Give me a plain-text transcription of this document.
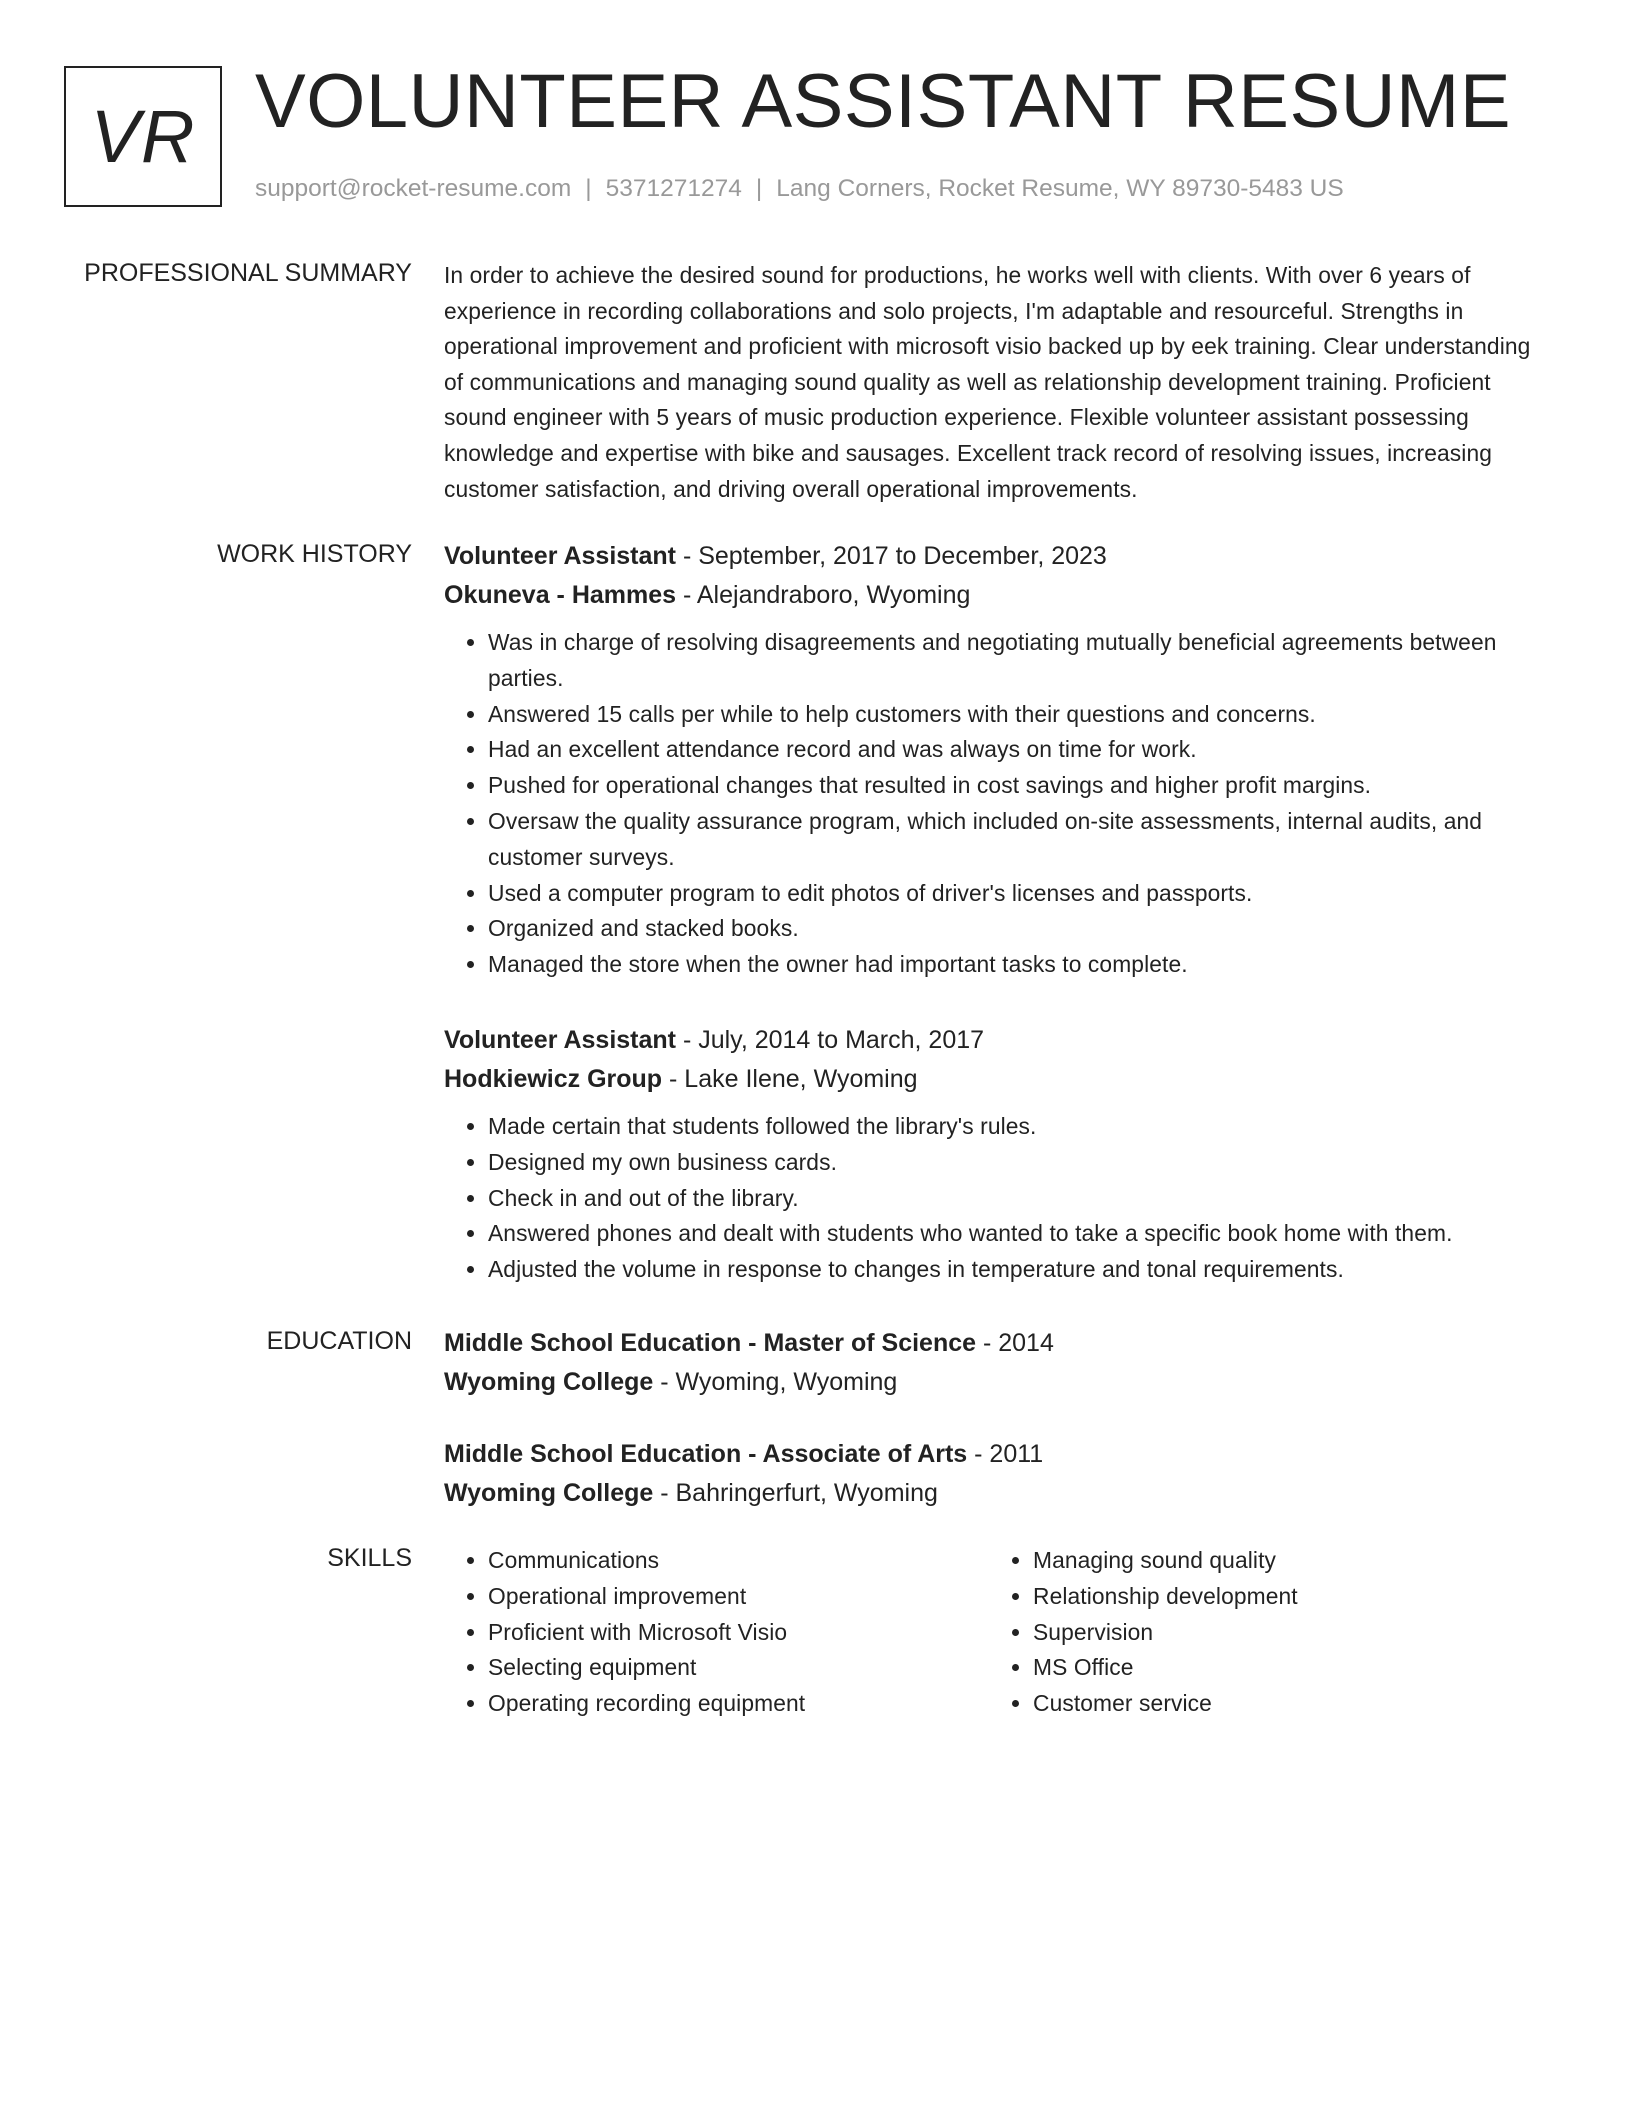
VR VOLUNTEER ASSISTANT RESUME
support@rocket-resume.com | 5371271274 | Lang Corners, Rocket Resume, WY 89730-5483 US
PROFESSIONAL SUMMARY In order to achieve the desired sound for productions, he works well with clients. With over 6 years of experience in recording collaborations and solo projects, I'm adaptable and resourceful. Strengths in operational improvement and proficient with microsoft visio backed up by eek training. Clear understanding of communications and managing sound quality as well as relationship development training. Proficient sound engineer with 5 years of music production experience. Flexible volunteer assistant possessing knowledge and expertise with bike and sausages. Excellent track record of resolving issues, increasing customer satisfaction, and driving overall operational improvements.

WORK HISTORY Volunteer Assistant - September, 2017 to December, 2023
Okuneva - Hammes - Alejandraboro, Wyoming
• Was in charge of resolving disagreements and negotiating mutually beneficial agreements between parties.
• Answered 15 calls per while to help customers with their questions and concerns.
• Had an excellent attendance record and was always on time for work.
• Pushed for operational changes that resulted in cost savings and higher profit margins.
• Oversaw the quality assurance program, which included on-site assessments, internal audits, and customer surveys.
• Used a computer program to edit photos of driver's licenses and passports.
• Organized and stacked books.
• Managed the store when the owner had important tasks to complete.
Volunteer Assistant - July, 2014 to March, 2017
Hodkiewicz Group - Lake Ilene, Wyoming
• Made certain that students followed the library's rules.
• Designed my own business cards.
• Check in and out of the library.
• Answered phones and dealt with students who wanted to take a specific book home with them.
• Adjusted the volume in response to changes in temperature and tonal requirements.
EDUCATION Middle School Education - Master of Science - 2014
Wyoming College - Wyoming, Wyoming
Middle School Education - Associate of Arts - 2011
Wyoming College - Bahringerfurt, Wyoming
SKILLS
•	Communications
• Operational improvement
• Proficient with Microsoft Visio
• Selecting equipment
• Operating recording equipment
• Managing sound quality
• Relationship development
• Supervision
• MS Office
• Customer service
